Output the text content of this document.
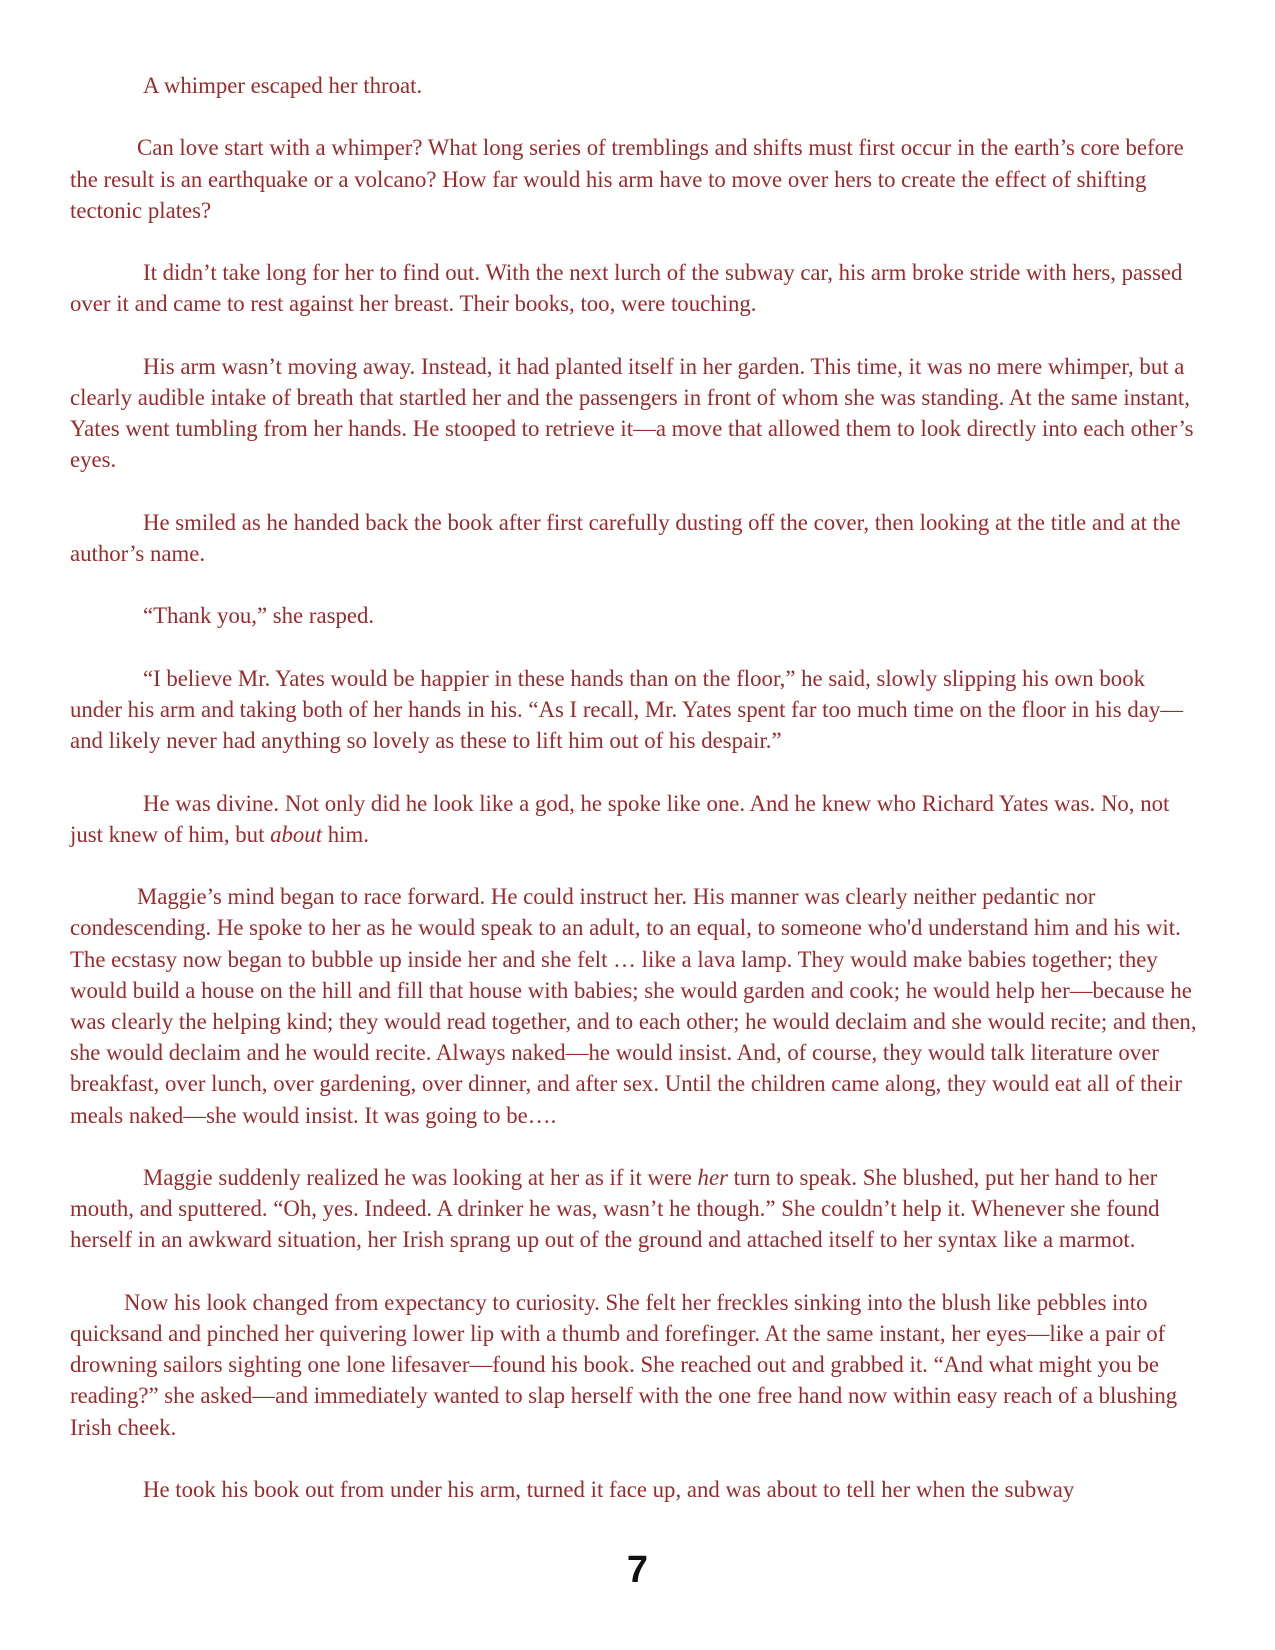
A whimper escaped her throat.

Can love start with a whimper? What long series of tremblings and shifts must first occur in the earth’s core before the result is an earthquake or a volcano? How far would his arm have to move over hers to create the effect of shifting tectonic plates?

It didn’t take long for her to find out. With the next lurch of the subway car, his arm broke stride with hers, passed over it and came to rest against her breast. Their books, too, were touching.

His arm wasn’t moving away. Instead, it had planted itself in her garden. This time, it was no mere whimper, but a clearly audible intake of breath that startled her and the passengers in front of whom she was standing. At the same instant, Yates went tumbling from her hands. He stooped to retrieve it—a move that allowed them to look directly into each other’s eyes.

He smiled as he handed back the book after first carefully dusting off the cover, then looking at the title and at the author’s name.

“Thank you,” she rasped.

“I believe Mr. Yates would be happier in these hands than on the floor,” he said, slowly slipping his own book under his arm and taking both of her hands in his. “As I recall, Mr. Yates spent far too much time on the floor in his day—and likely never had anything so lovely as these to lift him out of his despair.”

He was divine. Not only did he look like a god, he spoke like one. And he knew who Richard Yates was. No, not just knew of him, but about him.

Maggie’s mind began to race forward. He could instruct her. His manner was clearly neither pedantic nor condescending. He spoke to her as he would speak to an adult, to an equal, to someone who'd understand him and his wit. The ecstasy now began to bubble up inside her and she felt … like a lava lamp. They would make babies together; they would build a house on the hill and fill that house with babies; she would garden and cook; he would help her—because he was clearly the helping kind; they would read together, and to each other; he would declaim and she would recite; and then, she would declaim and he would recite. Always naked—he would insist. And, of course, they would talk literature over breakfast, over lunch, over gardening, over dinner, and after sex. Until the children came along, they would eat all of their meals naked—she would insist. It was going to be….

Maggie suddenly realized he was looking at her as if it were her turn to speak. She blushed, put her hand to her mouth, and sputtered. “Oh, yes. Indeed. A drinker he was, wasn’t he though.” She couldn’t help it. Whenever she found herself in an awkward situation, her Irish sprang up out of the ground and attached itself to her syntax like a marmot.

Now his look changed from expectancy to curiosity. She felt her freckles sinking into the blush like pebbles into quicksand and pinched her quivering lower lip with a thumb and forefinger. At the same instant, her eyes—like a pair of drowning sailors sighting one lone lifesaver—found his book. She reached out and grabbed it. “And what might you be reading?” she asked—and immediately wanted to slap herself with the one free hand now within easy reach of a blushing Irish cheek.

He took his book out from under his arm, turned it face up, and was about to tell her when the subway

7
